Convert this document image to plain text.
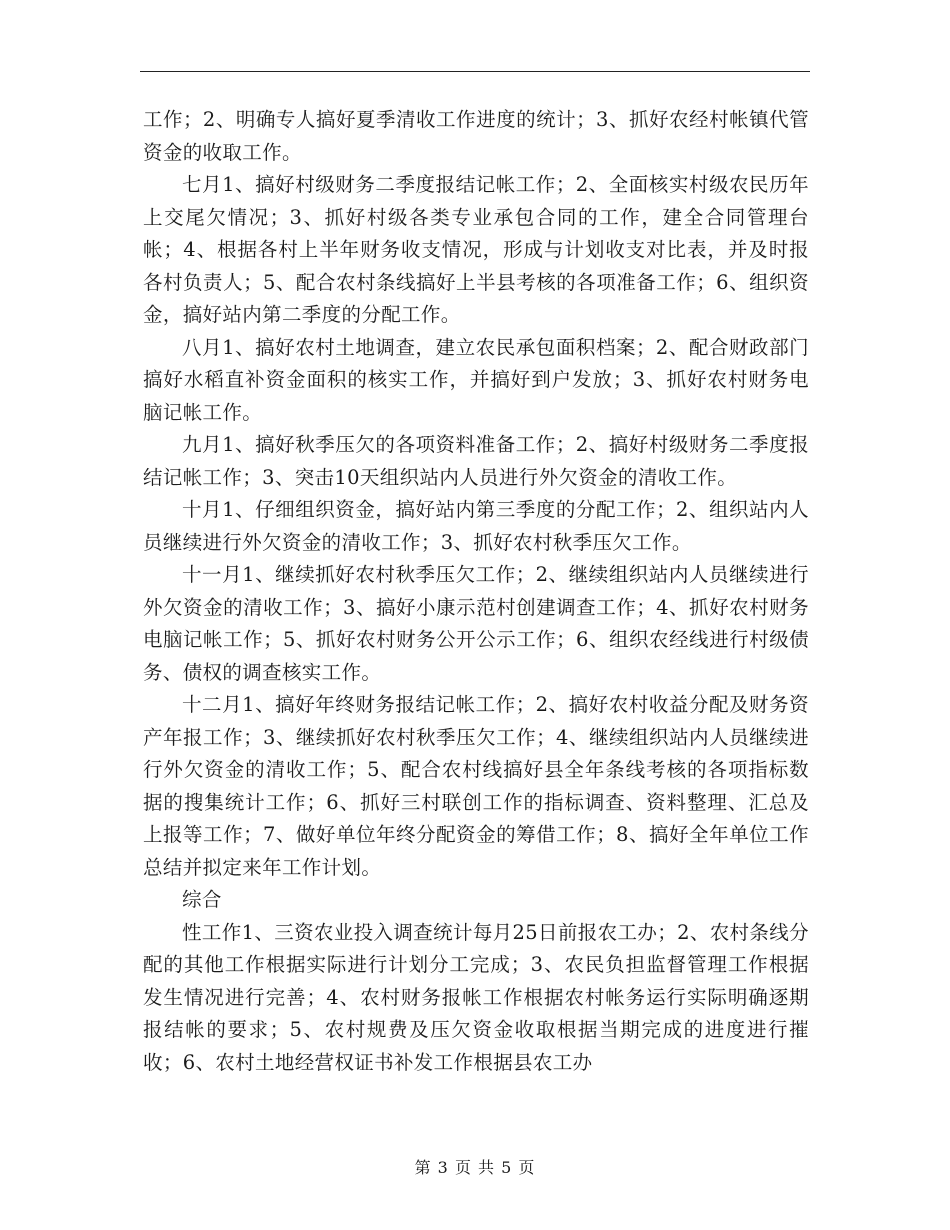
工作；2、明确专人搞好夏季清收工作进度的统计；3、抓好农经村帐镇代管资金的收取工作。

七月1、搞好村级财务二季度报结记帐工作；2、全面核实村级农民历年上交尾欠情况；3、抓好村级各类专业承包合同的工作，建全合同管理台帐；4、根据各村上半年财务收支情况，形成与计划收支对比表，并及时报各村负责人；5、配合农村条线搞好上半县考核的各项准备工作；6、组织资金，搞好站内第二季度的分配工作。

八月1、搞好农村土地调查，建立农民承包面积档案；2、配合财政部门搞好水稻直补资金面积的核实工作，并搞好到户发放；3、抓好农村财务电脑记帐工作。

九月1、搞好秋季压欠的各项资料准备工作；2、搞好村级财务二季度报结记帐工作；3、突击10天组织站内人员进行外欠资金的清收工作。

十月1、仔细组织资金，搞好站内第三季度的分配工作；2、组织站内人员继续进行外欠资金的清收工作；3、抓好农村秋季压欠工作。

十一月1、继续抓好农村秋季压欠工作；2、继续组织站内人员继续进行外欠资金的清收工作；3、搞好小康示范村创建调查工作；4、抓好农村财务电脑记帐工作；5、抓好农村财务公开公示工作；6、组织农经线进行村级债务、债权的调查核实工作。

十二月1、搞好年终财务报结记帐工作；2、搞好农村收益分配及财务资产年报工作；3、继续抓好农村秋季压欠工作；4、继续组织站内人员继续进行外欠资金的清收工作；5、配合农村线搞好县全年条线考核的各项指标数据的搜集统计工作；6、抓好三村联创工作的指标调查、资料整理、汇总及上报等工作；7、做好单位年终分配资金的筹借工作；8、搞好全年单位工作总结并拟定来年工作计划。

综合

性工作1、三资农业投入调查统计每月25日前报农工办；2、农村条线分配的其他工作根据实际进行计划分工完成；3、农民负担监督管理工作根据发生情况进行完善；4、农村财务报帐工作根据农村帐务运行实际明确逐期报结帐的要求；5、农村规费及压欠资金收取根据当期完成的进度进行摧收；6、农村土地经营权证书补发工作根据县农工办

第 3 页 共 5 页
